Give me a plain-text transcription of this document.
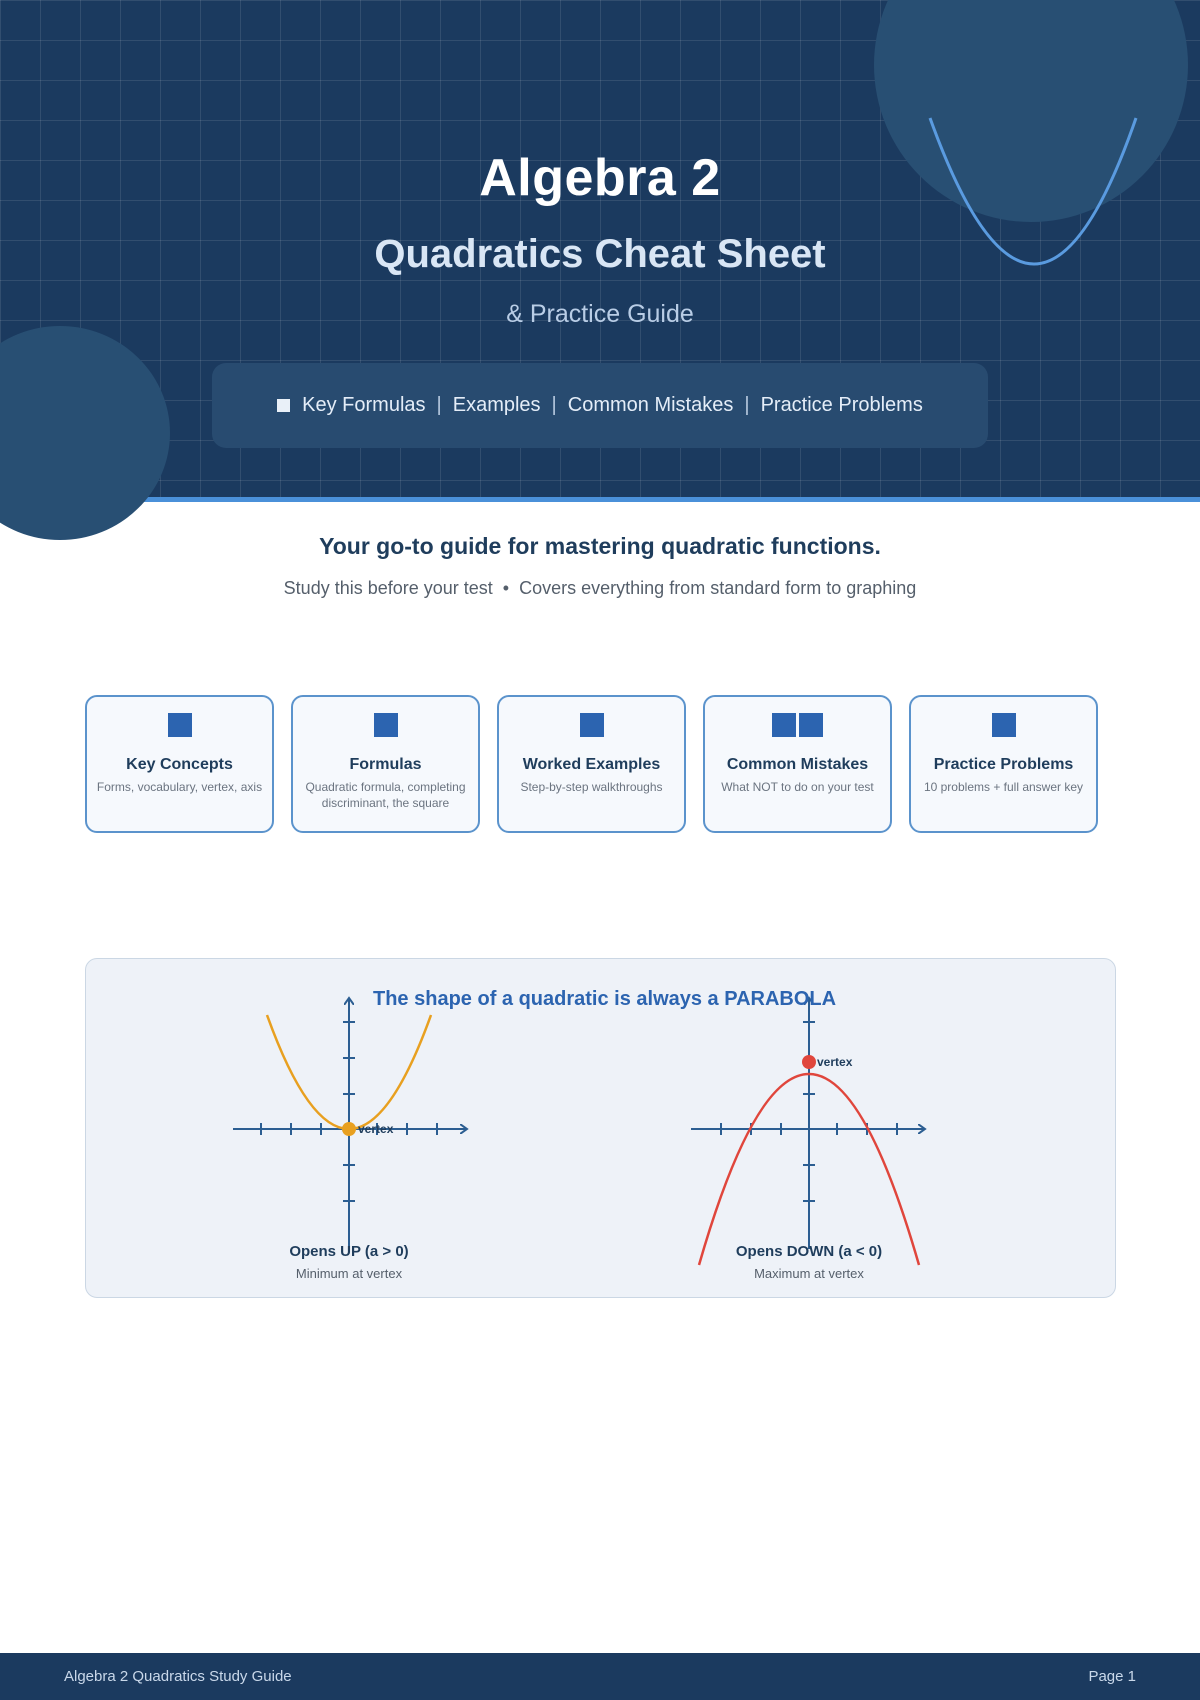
Algebra 2
Quadratics Cheat Sheet
& Practice Guide
Key Formulas | Examples | Common Mistakes | Practice Problems
Your go-to guide for mastering quadratic functions.
Study this before your test • Covers everything from standard form to graphing
Key Concepts
Forms, vocabulary, vertex, axis
Formulas
Quadratic formula, completing discriminant, the square
Worked Examples
Step-by-step walkthroughs
Common Mistakes
What NOT to do on your test
Practice Problems
10 problems + full answer key
vertex
vertex
The shape of a quadratic is always a PARABOLA
Opens UP (a > 0)
Minimum at vertex
Opens DOWN (a < 0)
Maximum at vertex
Algebra 2 Quadratics Study Guide	Page 1
